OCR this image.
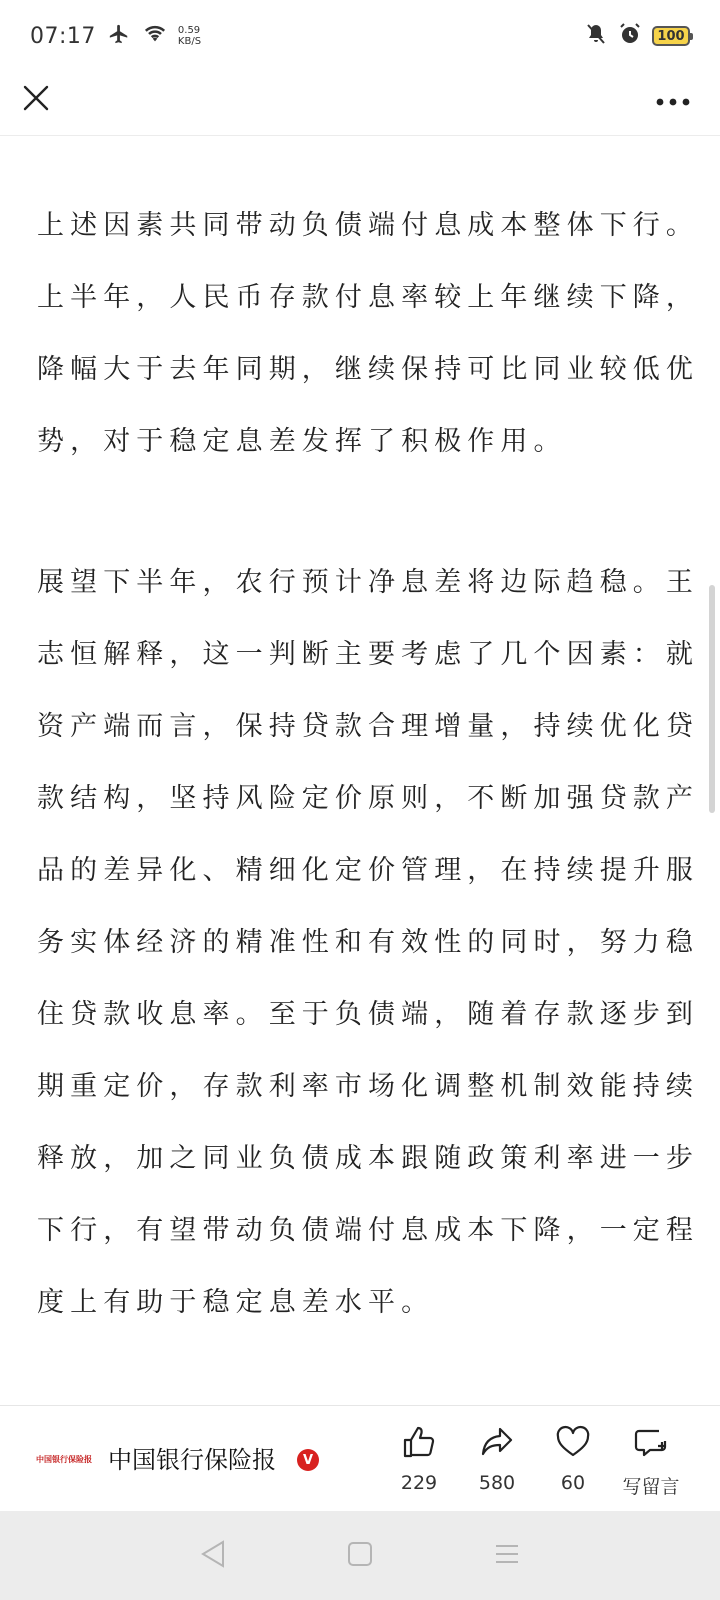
07:17	0.59
KB/S	100
上述因素共同带动负债端付息成本整体下行。
上半年，人民币存款付息率较上年继续下降，
降幅大于去年同期，继续保持可比同业较低优
势，对于稳定息差发挥了积极作用。
展望下半年，农行预计净息差将边际趋稳。王
志恒解释，这一判断主要考虑了几个因素：就
资产端而言，保持贷款合理增量，持续优化贷
款结构，坚持风险定价原则，不断加强贷款产
品的差异化、精细化定价管理，在持续提升服
务实体经济的精准性和有效性的同时，努力稳
住贷款收息率。至于负债端，随着存款逐步到
期重定价，存款利率市场化调整机制效能持续
释放，加之同业负债成本跟随政策利率进一步
下行，有望带动负债端付息成本下降，一定程
度上有助于稳定息差水平。
中国银行保险报 中国银行保险报	V
229 580 60 写留言
